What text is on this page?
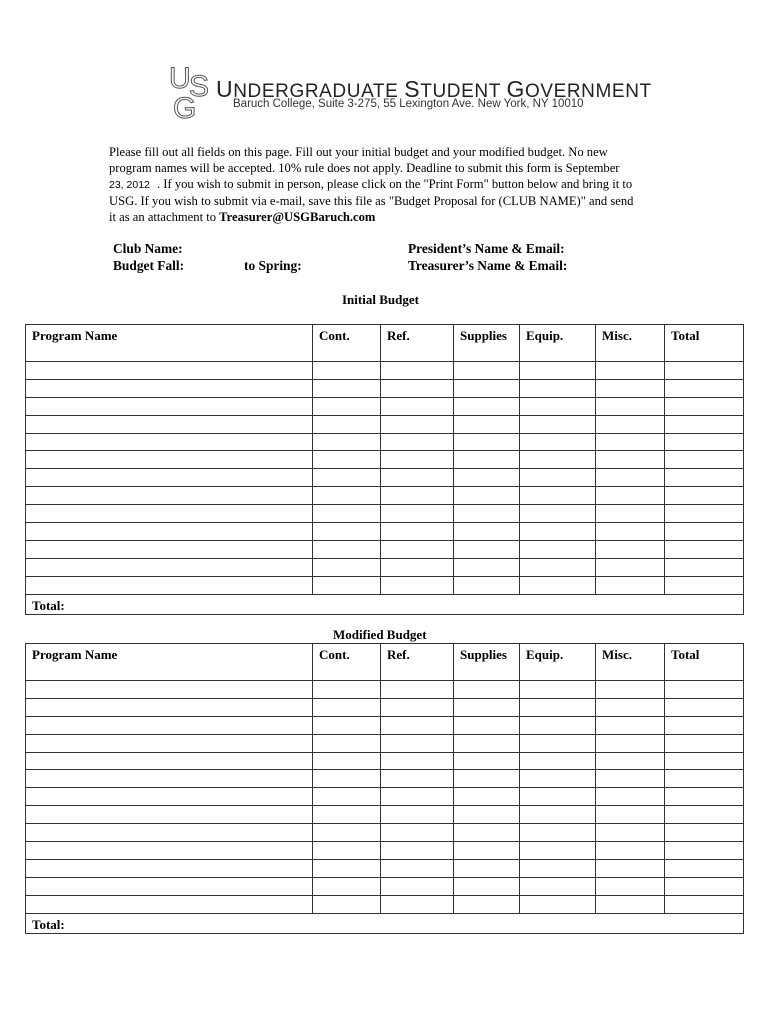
U
S
G
UNDERGRADUATE STUDENT GOVERNMENT
Baruch College, Suite 3-275, 55 Lexington Ave. New York, NY 10010
Please fill out all fields on this page. Fill out your initial budget and your modified budget. No new
program names will be accepted. 10% rule does not apply. Deadline to submit this form is September
23, 2012 . If you wish to submit in person, please click on the "Print Form" button below and bring it to
USG. If you wish to submit via e-mail, save this file as "Budget Proposal for (CLUB NAME)" and send
it as an attachment to Treasurer@USGBaruch.com
Club Name:
Budget Fall:	to Spring:
President’s Name & Email:
Treasurer’s Name & Email:
Initial Budget
Program Name	Cont.	Ref.	Supplies	Equip.	Misc.	Total

Total:						
Modified Budget
Program Name	Cont.	Ref.	Supplies	Equip.	Misc.	Total

Total:						
